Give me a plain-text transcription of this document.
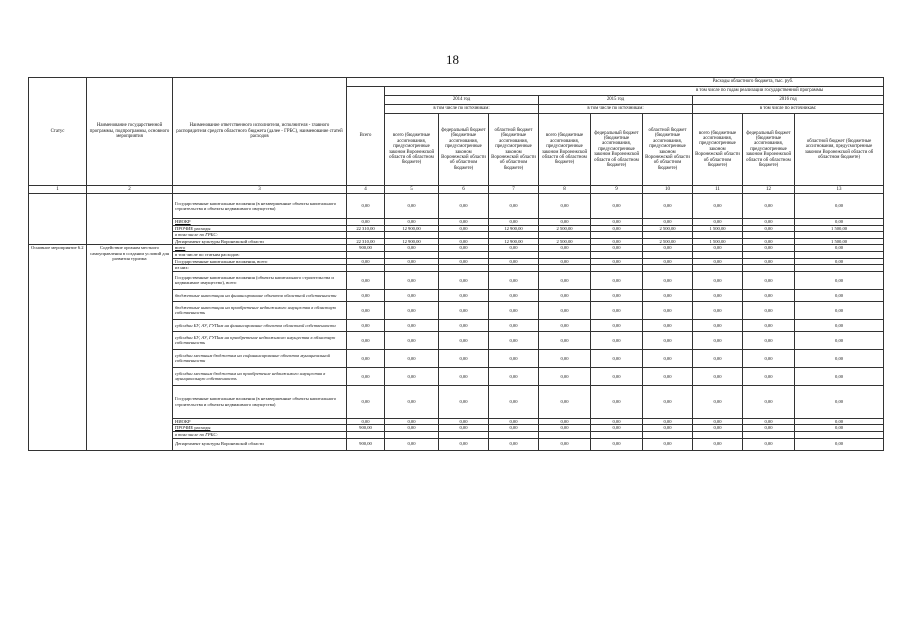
18
Статус	Наименование государственной программы, подпрограммы, основного мероприятия	Наименование ответственного исполнителя, исполнителя - главного распорядителя средств областного бюджета (далее - ГРБС), наименование статей расходов	Расходы областного бюджета, тыс. руб.									
			Всего	в том числе по годам реализации государственной программы								
				2014 год			2015 год			2016 год		
				в том числе по источникам:			в том числе по источникам:			в том числе по источникам:		
				всего (бюджетные ассигнования, предусмотренные законом Воронежской области об областном бюджете)	федеральный бюджет (бюджетные ассигнования, предусмотренные законом Воронежской области об областном бюджете)	областной бюджет (бюджетные ассигнования, предусмотренные законом Воронежской области об областном бюджете)	всего (бюджетные ассигнования, предусмотренные законом Воронежской области об областном бюджете)	федеральный бюджет (бюджетные ассигнования, предусмотренные законом Воронежской области об областном бюджете)	областной бюджет (бюджетные ассигнования, предусмотренные законом Воронежской области об областном бюджете)	всего (бюджетные ассигнования, предусмотренные законом Воронежской области об областном бюджете)	федеральный бюджет (бюджетные ассигнования, предусмотренные законом Воронежской области об областном бюджете)	областной бюджет (бюджетные ассигнования, предусмотренные законом Воронежской области об областном бюджете)
1	2	3	4	5	6	7	8	9	10	11	12	13
		Государственные капитальные вложения (в незавершенные объекты капитального строительства и объекты недвижимого имущества)	0,00	0,00	0,00	0,00	0,00	0,00	0,00	0,00	0,00	0,00
		НИОКР	0,00	0,00	0,00	0,00	0,00	0,00	0,00	0,00	0,00	0,00
		ПРОЧИЕ расходы	22 310,00	12 900,00	0,00	12 900,00	2 500,00	0,00	2 500,00	1 500,00	0,00	1 500,00
		в том числе по ГРБС:										
		Департамент культуры Воронежской области	22 310,00	12 900,00	0,00	12 900,00	2 500,00	0,00	2 500,00	1 500,00	0,00	1 500,00
Основное мероприятие 6.2	Содействие органам местного самоуправления в создании условий для развития туризма	всего	900,00	0,00	0,00	0,00	0,00	0,00	0,00	0,00	0,00	0,00
		в том числе по статьям расходов:										
		Государственные капитальные вложения, всего	0,00	0,00	0,00	0,00	0,00	0,00	0,00	0,00	0,00	0,00
		из них:										
		Государственные капитальные вложения (объекты капитального строительства и недвижимое имущество), всего	0,00	0,00	0,00	0,00	0,00	0,00	0,00	0,00	0,00	0,00
		бюджетные инвестиции на финансирование объектов областной собственности	0,00	0,00	0,00	0,00	0,00	0,00	0,00	0,00	0,00	0,00
		бюджетные инвестиции на приобретение недвижимого имущества в областную собственность	0,00	0,00	0,00	0,00	0,00	0,00	0,00	0,00	0,00	0,00
		субсидии БУ, АУ, ГУПам на финансирование объектов областной собственности	0,00	0,00	0,00	0,00	0,00	0,00	0,00	0,00	0,00	0,00
		субсидии БУ, АУ, ГУПам на приобретение недвижимого имущества в областную собственность	0,00	0,00	0,00	0,00	0,00	0,00	0,00	0,00	0,00	0,00
		субсидии местным бюджетам на софинансирование объектов муниципальной собственности	0,00	0,00	0,00	0,00	0,00	0,00	0,00	0,00	0,00	0,00
		субсидии местным бюджетам на приобретение недвижимого имущества в муниципальную собственность	0,00	0,00	0,00	0,00	0,00	0,00	0,00	0,00	0,00	0,00
		Государственные капитальные вложения (в незавершенные объекты капитального строительства и объекты недвижимого имущества)	0,00	0,00	0,00	0,00	0,00	0,00	0,00	0,00	0,00	0,00
		НИОКР	0,00	0,00	0,00	0,00	0,00	0,00	0,00	0,00	0,00	0,00
		ПРОЧИЕ расходы	900,00	0,00	0,00	0,00	0,00	0,00	0,00	0,00	0,00	0,00
		в том числе по ГРБС:										
		Департамент культуры Воронежской области	900,00	0,00	0,00	0,00	0,00	0,00	0,00	0,00	0,00	0,00
